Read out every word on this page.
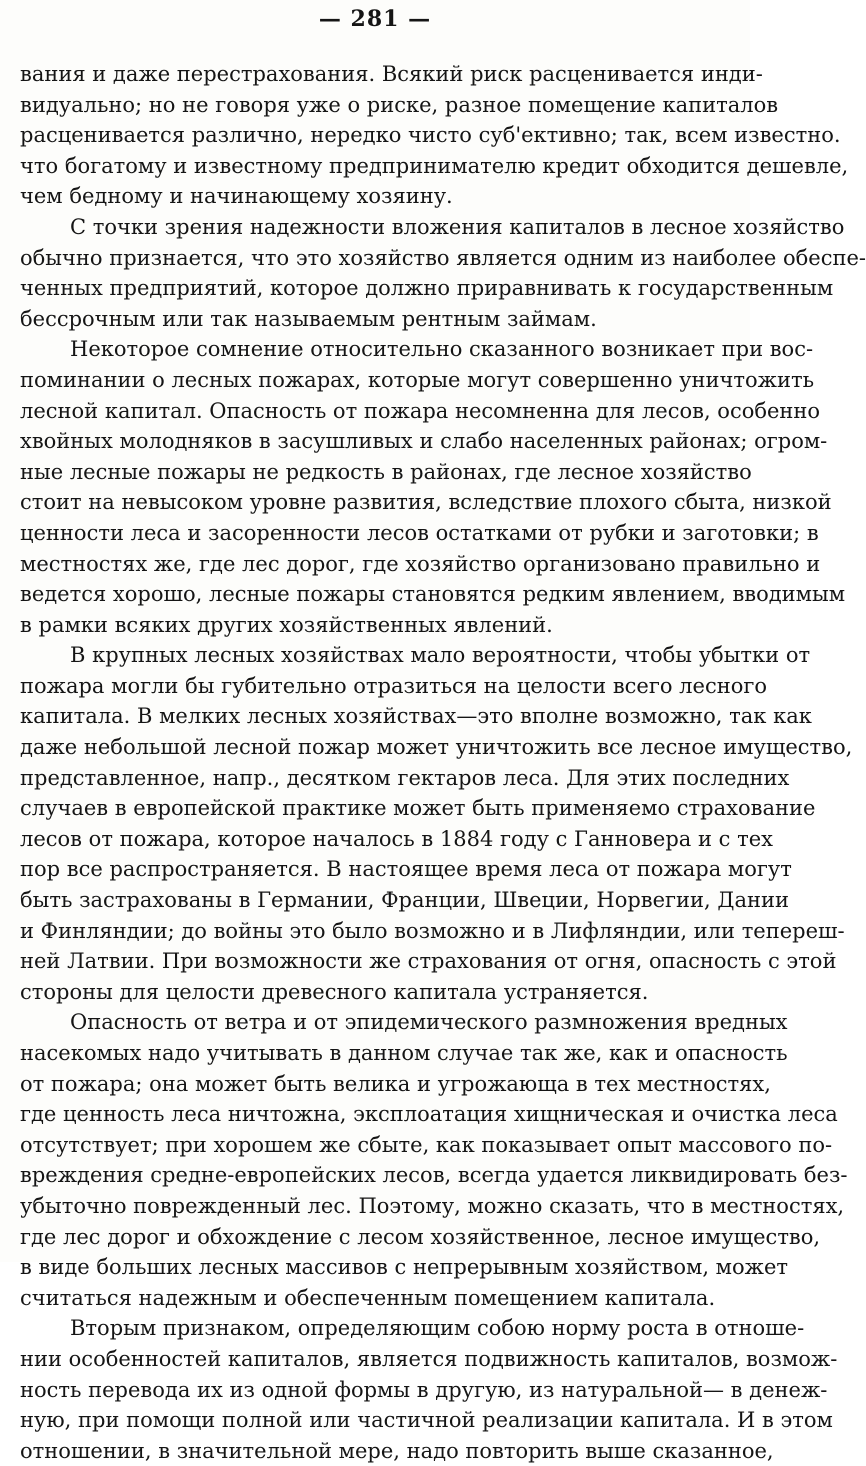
— 281 —
вания и даже перестрахования. Всякий риск расценивается инди-
видуально; но не говоря уже о риске, разное помещение капиталов
расценивается различно, нередко чисто суб'ективно; так, всем известно.
что богатому и известному предпринимателю кредит обходится дешевле,
чем бедному и начинающему хозяину.
С точки зрения надежности вложения капиталов в лесное хозяйство
обычно признается, что это хозяйство является одним из наиболее обеспе-
ченных предприятий, которое должно приравнивать к государственным
бессрочным или так называемым рентным займам.
Некоторое сомнение относительно сказанного возникает при вос-
поминании о лесных пожарах, которые могут совершенно уничтожить
лесной капитал. Опасность от пожара несомненна для лесов, особенно
хвойных молодняков в засушливых и слабо населенных районах; огром-
ные лесные пожары не редкость в районах, где лесное хозяйство
стоит на невысоком уровне развития, вследствие плохого сбыта, низкой
ценности леса и засоренности лесов остатками от рубки и заготовки; в
местностях же, где лес дорог, где хозяйство организовано правильно и
ведется хорошо, лесные пожары становятся редким явлением, вводимым
в рамки всяких других хозяйственных явлений.
В крупных лесных хозяйствах мало вероятности, чтобы убытки от
пожара могли бы губительно отразиться на целости всего лесного
капитала. В мелких лесных хозяйствах—это вполне возможно, так как
даже небольшой лесной пожар может уничтожить все лесное имущество,
представленное, напр., десятком гектаров леса. Для этих последних
случаев в европейской практике может быть применяемо страхование
лесов от пожара, которое началось в 1884 году с Ганновера и с тех
пор все распространяется. В настоящее время леса от пожара могут
быть застрахованы в Германии, Франции, Швеции, Норвегии, Дании
и Финляндии; до войны это было возможно и в Лифляндии, или тепереш-
ней Латвии. При возможности же страхования от огня, опасность с этой
стороны для целости древесного капитала устраняется.
Опасность от ветра и от эпидемического размножения вредных
насекомых надо учитывать в данном случае так же, как и опасность
от пожара; она может быть велика и угрожающа в тех местностях,
где ценность леса ничтожна, эксплоатация хищническая и очистка леса
отсутствует; при хорошем же сбыте, как показывает опыт массового по-
вреждения средне-европейских лесов, всегда удается ликвидировать без-
убыточно поврежденный лес. Поэтому, можно сказать, что в местностях,
где лес дорог и обхождение с лесом хозяйственное, лесное имущество,
в виде больших лесных массивов с непрерывным хозяйством, может
считаться надежным и обеспеченным помещением капитала.
Вторым признаком, определяющим собою норму роста в отноше-
нии особенностей капиталов, является подвижность капиталов, возмож-
ность перевода их из одной формы в другую, из натуральной— в денеж-
ную, при помощи полной или частичной реализации капитала. И в этом
отношении, в значительной мере, надо повторить выше сказанное,
